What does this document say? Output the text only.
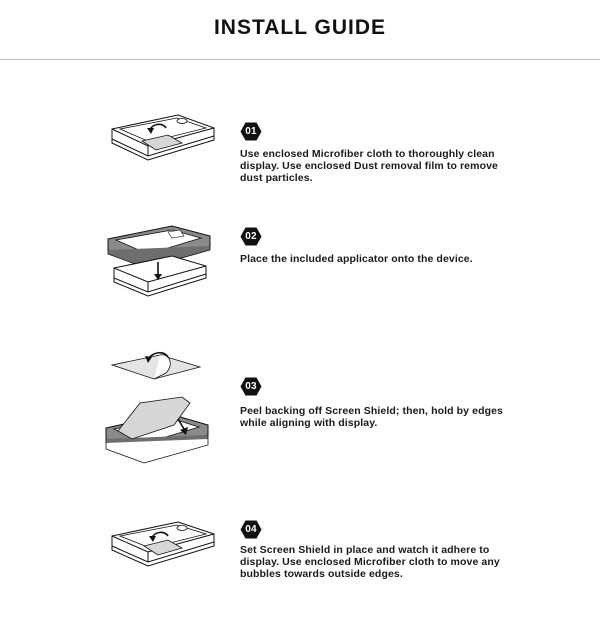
INSTALL GUIDE
01
Use enclosed Microfiber cloth to thoroughly clean display. Use enclosed Dust removal film to remove dust particles.
02
Place the included applicator onto the device.
03
Peel backing off Screen Shield; then, hold by edges while aligning with display.
04
Set Screen Shield in place and watch it adhere to display. Use enclosed Microfiber cloth to move any bubbles towards outside edges.
